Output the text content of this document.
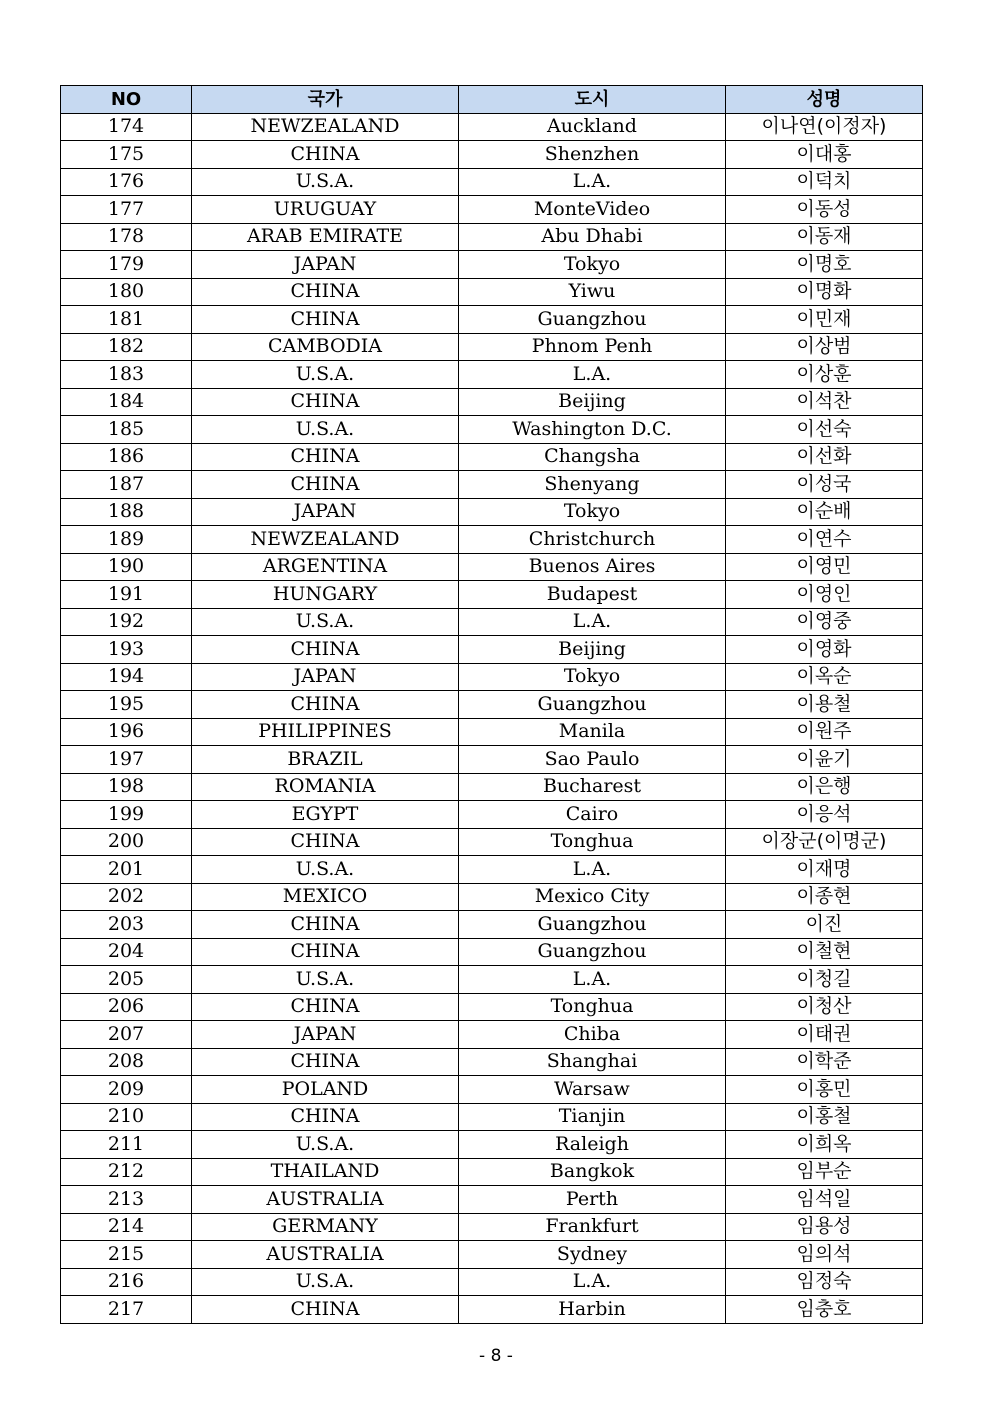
NO	국가	도시	성명
174	NEWZEALAND	Auckland	이나연(이정자)
175	CHINA	Shenzhen	이대홍
176	U.S.A.	L.A.	이덕치
177	URUGUAY	MonteVideo	이동성
178	ARAB EMIRATE	Abu Dhabi	이동재
179	JAPAN	Tokyo	이명호
180	CHINA	Yiwu	이명화
181	CHINA	Guangzhou	이민재
182	CAMBODIA	Phnom Penh	이상범
183	U.S.A.	L.A.	이상훈
184	CHINA	Beijing	이석찬
185	U.S.A.	Washington D.C.	이선숙
186	CHINA	Changsha	이선화
187	CHINA	Shenyang	이성국
188	JAPAN	Tokyo	이순배
189	NEWZEALAND	Christchurch	이연수
190	ARGENTINA	Buenos Aires	이영민
191	HUNGARY	Budapest	이영인
192	U.S.A.	L.A.	이영중
193	CHINA	Beijing	이영화
194	JAPAN	Tokyo	이옥순
195	CHINA	Guangzhou	이용철
196	PHILIPPINES	Manila	이원주
197	BRAZIL	Sao Paulo	이윤기
198	ROMANIA	Bucharest	이은행
199	EGYPT	Cairo	이응석
200	CHINA	Tonghua	이장군(이명군)
201	U.S.A.	L.A.	이재명
202	MEXICO	Mexico City	이종현
203	CHINA	Guangzhou	이진
204	CHINA	Guangzhou	이철현
205	U.S.A.	L.A.	이청길
206	CHINA	Tonghua	이청산
207	JAPAN	Chiba	이태권
208	CHINA	Shanghai	이학준
209	POLAND	Warsaw	이홍민
210	CHINA	Tianjin	이홍철
211	U.S.A.	Raleigh	이희옥
212	THAILAND	Bangkok	임부순
213	AUSTRALIA	Perth	임석일
214	GERMANY	Frankfurt	임용성
215	AUSTRALIA	Sydney	임의석
216	U.S.A.	L.A.	임정숙
217	CHINA	Harbin	임충호
- 8 -
